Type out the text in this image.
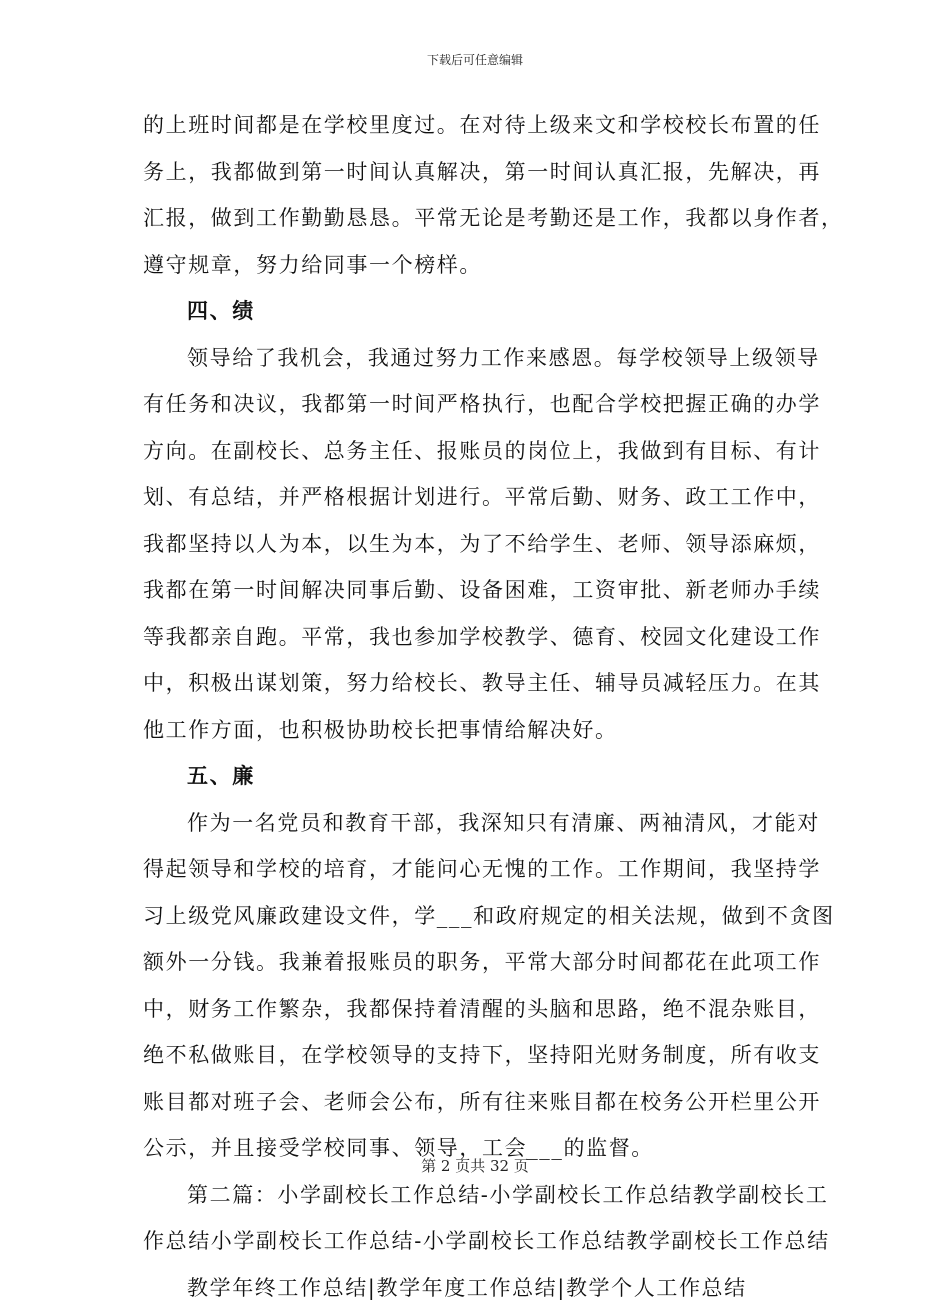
下载后可任意编辑
的上班时间都是在学校里度过。在对待上级来文和学校校长布置的任
务上，我都做到第一时间认真解决，第一时间认真汇报，先解决，再
汇报，做到工作勤勤恳恳。平常无论是考勤还是工作，我都以身作者，
遵守规章，努力给同事一个榜样。
四、绩
领导给了我机会，我通过努力工作来感恩。每学校领导上级领导
有任务和决议，我都第一时间严格执行，也配合学校把握正确的办学
方向。在副校长、总务主任、报账员的岗位上，我做到有目标、有计
划、有总结，并严格根据计划进行。平常后勤、财务、政工工作中，
我都坚持以人为本，以生为本，为了不给学生、老师、领导添麻烦，
我都在第一时间解决同事后勤、设备困难，工资审批、新老师办手续
等我都亲自跑。平常，我也参加学校教学、德育、校园文化建设工作
中，积极出谋划策，努力给校长、教导主任、辅导员减轻压力。在其
他工作方面，也积极协助校长把事情给解决好。
五、廉
作为一名党员和教育干部，我深知只有清廉、两袖清风，才能对
得起领导和学校的培育，才能问心无愧的工作。工作期间，我坚持学
习上级党风廉政建设文件，学___和政府规定的相关法规，做到不贪图
额外一分钱。我兼着报账员的职务，平常大部分时间都花在此项工作
中，财务工作繁杂，我都保持着清醒的头脑和思路，绝不混杂账目，
绝不私做账目，在学校领导的支持下，坚持阳光财务制度，所有收支
账目都对班子会、老师会公布，所有往来账目都在校务公开栏里公开
公示，并且接受学校同事、领导，工会___的监督。
第二篇：小学副校长工作总结-小学副校长工作总结教学副校长工
作总结小学副校长工作总结-小学副校长工作总结教学副校长工作总结
教学年终工作总结|教学年度工作总结|教学个人工作总结
第 2 页共 32 页
